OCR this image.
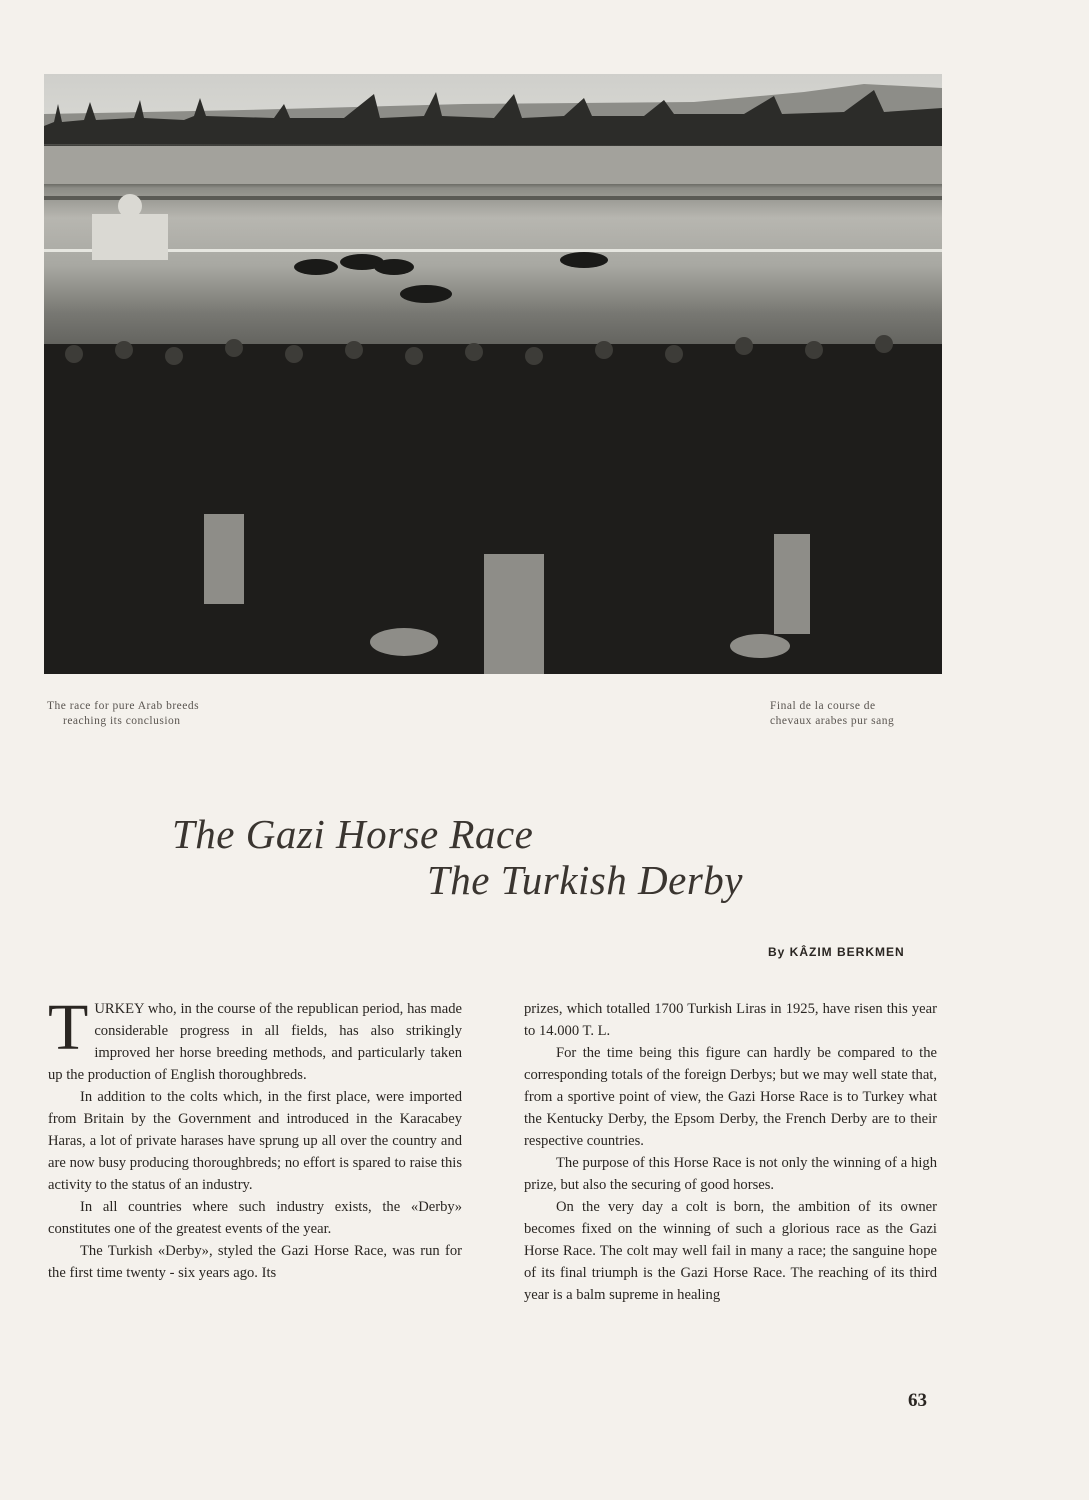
The race for pure Arab breeds
reaching its conclusion
Final de la course de
chevaux arabes pur sang
The Gazi Horse Race
The Turkish Derby
By KÂZIM BERKMEN

TURKEY who, in the course of the republican period, has made considerable progress in all fields, has also strikingly improved her horse breeding methods, and particularly taken up the production of English thoroughbreds.

In addition to the colts which, in the first place, were imported from Britain by the Government and introduced in the Karacabey Haras, a lot of private harases have sprung up all over the country and are now busy producing thoroughbreds; no effort is spared to raise this activity to the status of an industry.

In all countries where such industry exists, the «Derby» constitutes one of the greatest events of the year.

The Turkish «Derby», styled the Gazi Horse Race, was run for the first time twenty - six years ago. Its

prizes, which totalled 1700 Turkish Liras in 1925, have risen this year to 14.000 T. L.

For the time being this figure can hardly be compared to the corresponding totals of the foreign Derbys; but we may well state that, from a sportive point of view, the Gazi Horse Race is to Turkey what the Kentucky Derby, the Epsom Derby, the French Derby are to their respective countries.

The purpose of this Horse Race is not only the winning of a high prize, but also the securing of good horses.

On the very day a colt is born, the ambition of its owner becomes fixed on the winning of such a glorious race as the Gazi Horse Race. The colt may well fail in many a race; the sanguine hope of its final triumph is the Gazi Horse Race. The reaching of its third year is a balm supreme in healing

63
